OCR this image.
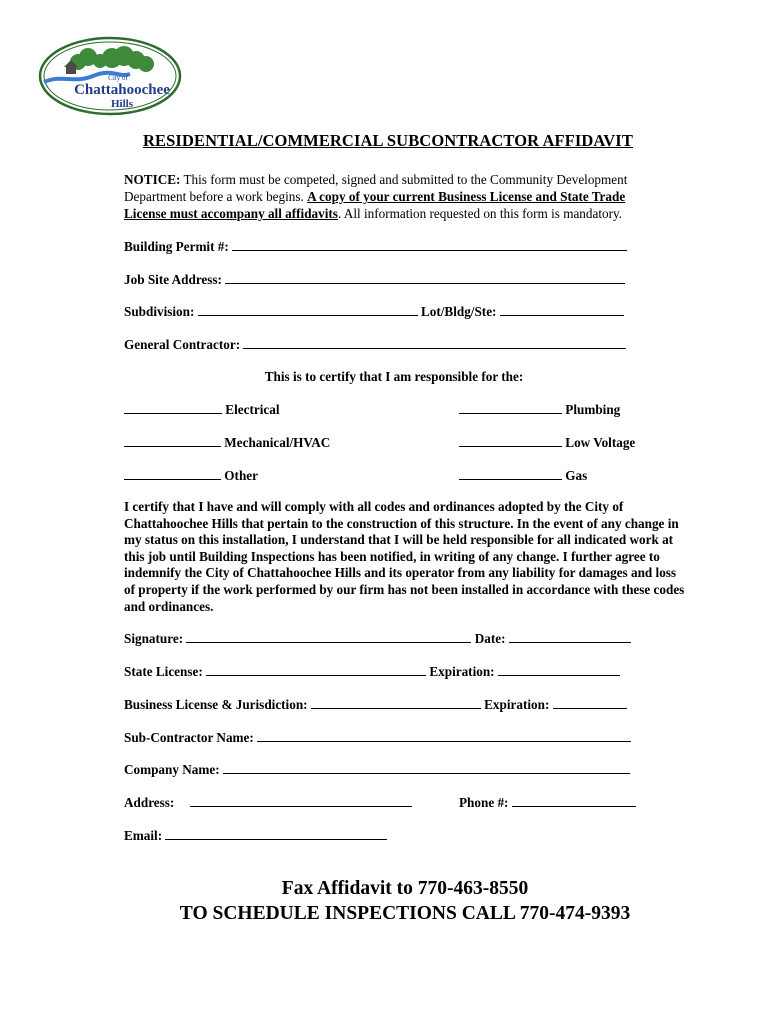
City of
Chattahoochee
Hills
RESIDENTIAL/COMMERCIAL SUBCONTRACTOR AFFIDAVIT
NOTICE: This form must be competed, signed and submitted to the Community Development Department before a work begins. A copy of your current Business License and State Trade License must accompany all affidavits. All information requested on this form is mandatory.
Building Permit #:
Job Site Address:
Subdivision:	Lot/Bldg/Ste:
General Contractor:
This is to certify that I am responsible for the:
Electrical	Plumbing
Mechanical/HVAC	Low Voltage
Other	Gas
I certify that I have and will comply with all codes and ordinances adopted by the City of Chattahoochee Hills that pertain to the construction of this structure. In the event of any change in my status on this installation, I understand that I will be held responsible for all indicated work at this job until Building Inspections has been notified, in writing of any change. I further agree to indemnify the City of Chattahoochee Hills and its operator from any liability for damages and loss of property if the work performed by our firm has not been installed in accordance with these codes and ordinances.
Signature:	Date:
State License:	Expiration:
Business License & Jurisdiction:	Expiration:
Sub-Contractor Name:
Company Name:
Address:	Phone #:
Email:
Fax Affidavit to 770-463-8550
TO SCHEDULE INSPECTIONS CALL 770-474-9393
